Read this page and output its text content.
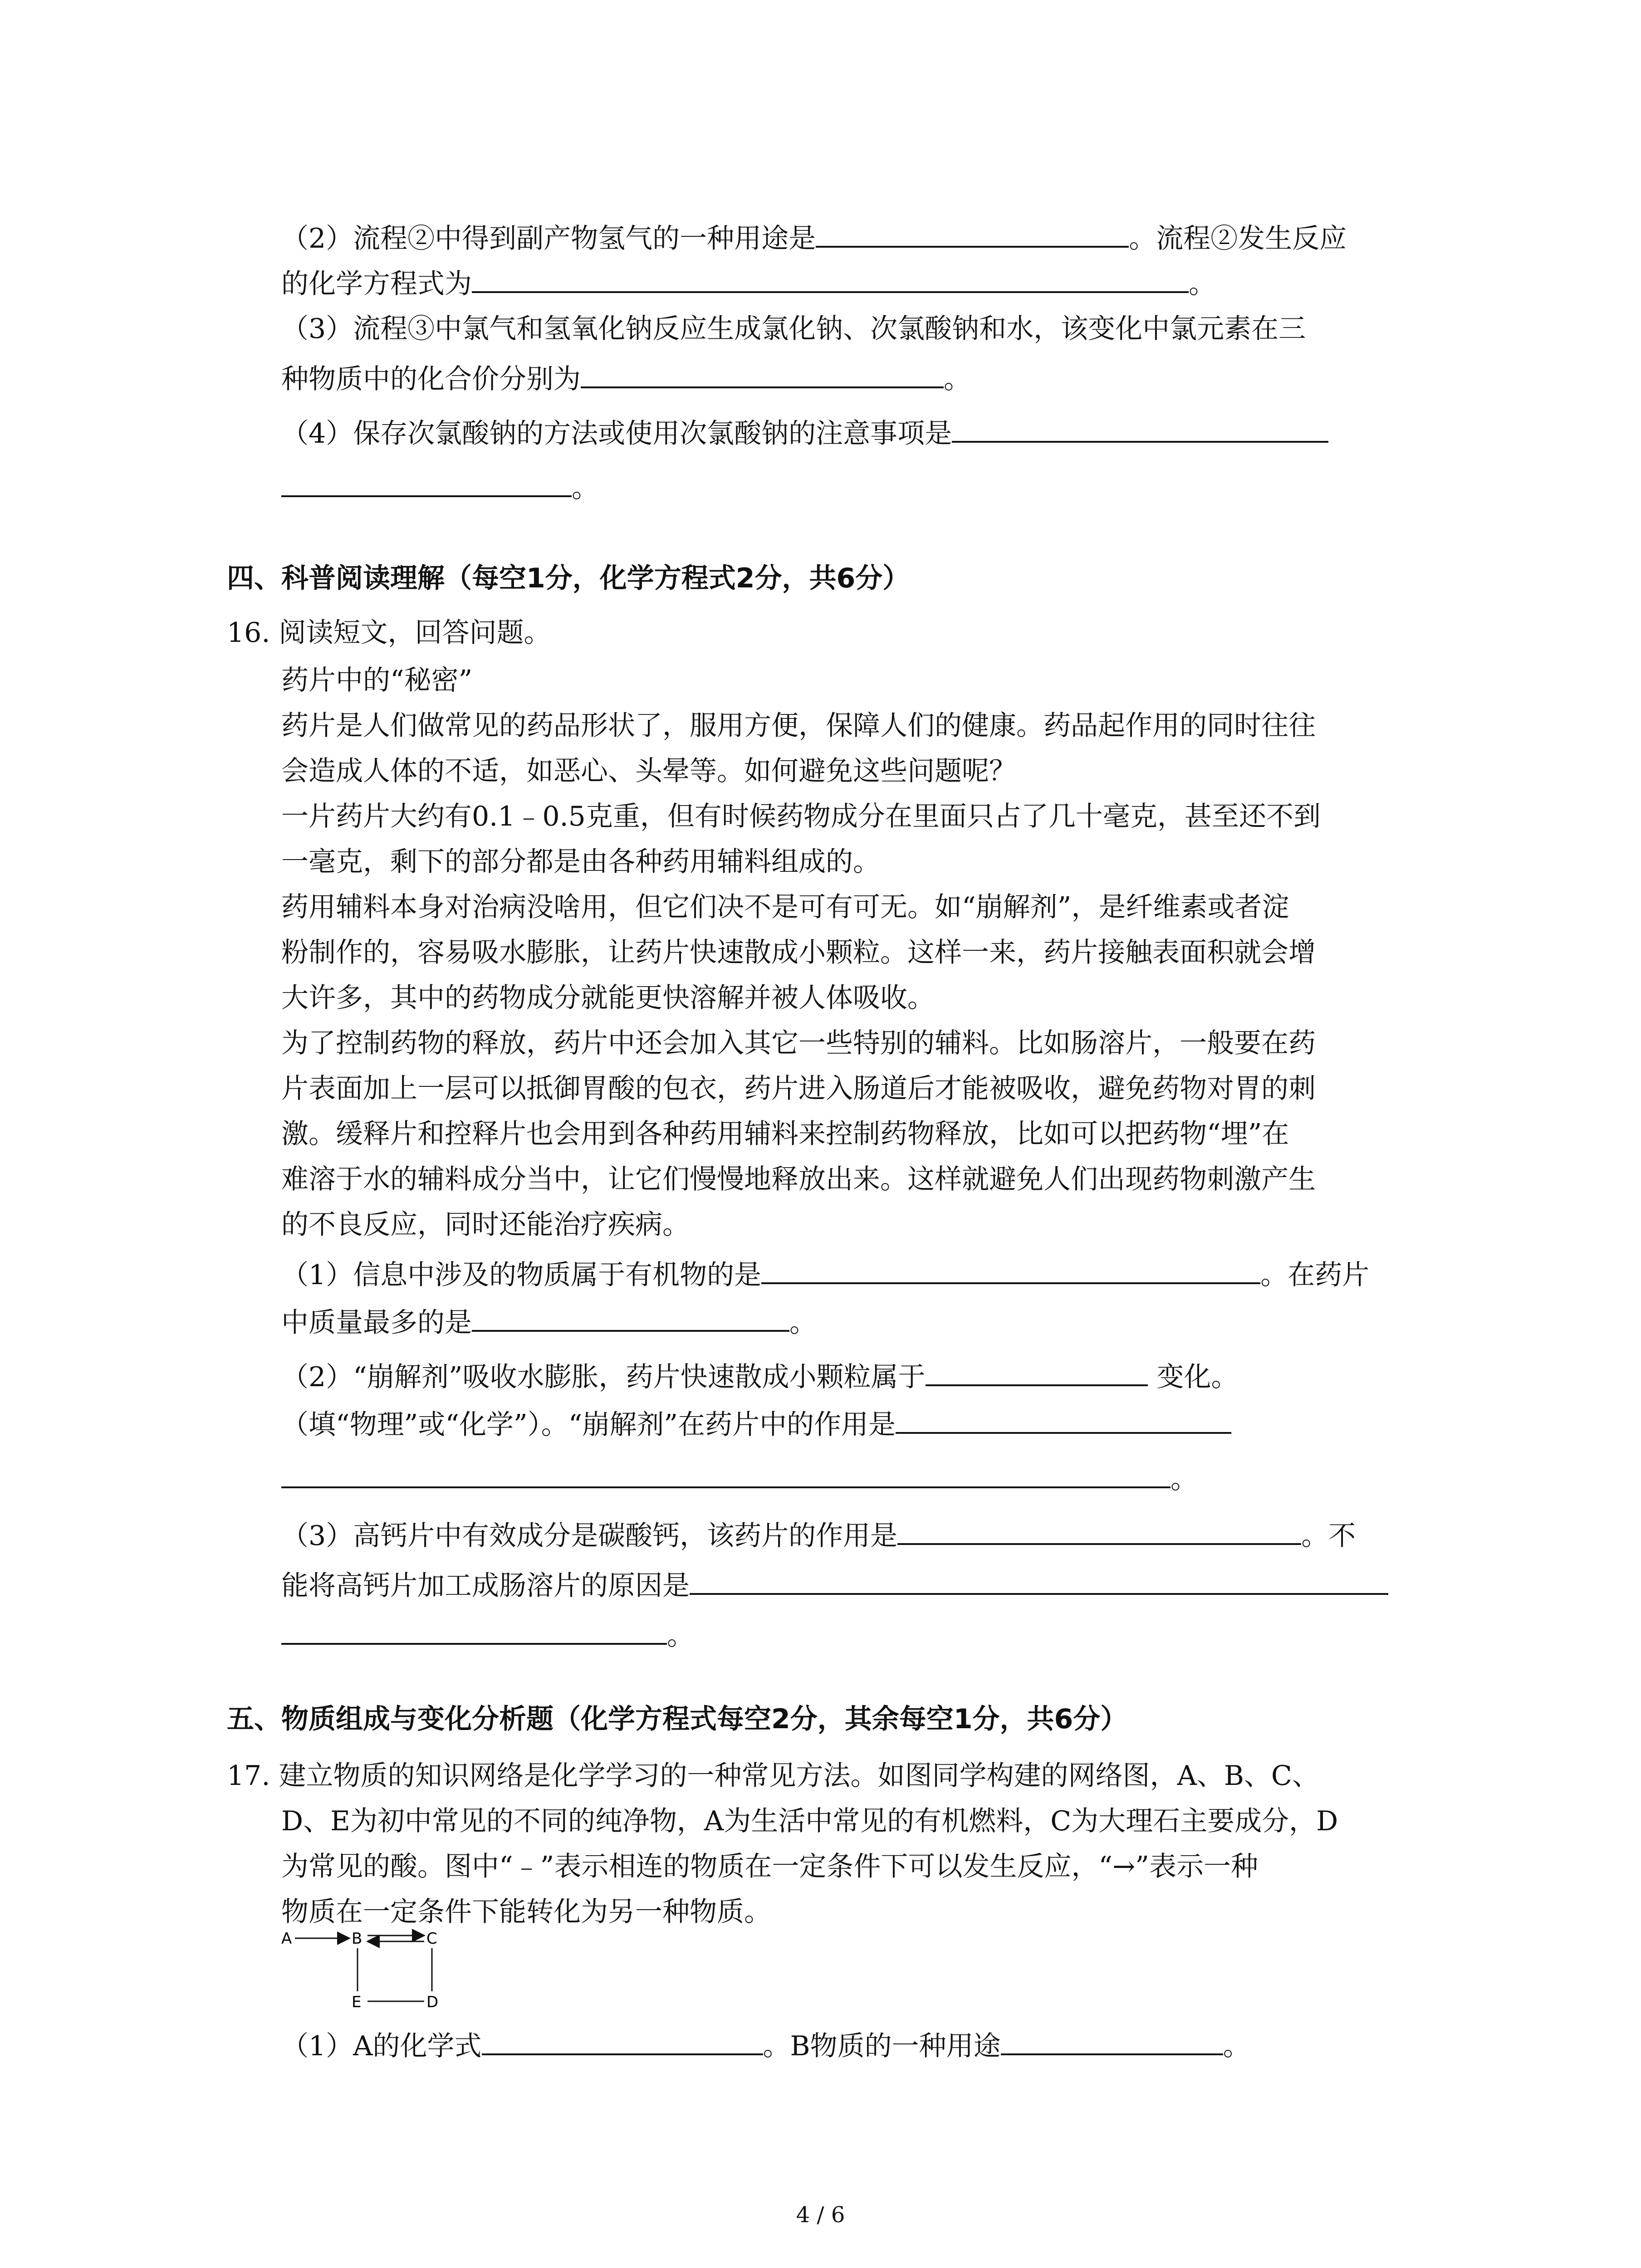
（2）流程②中得到副产物氢气的一种用途是	。流程②发生反应
的化学方程式为	。
（3）流程③中氯气和氢氧化钠反应生成氯化钠、次氯酸钠和水，该变化中氯元素在三
种物质中的化合价分别为	。
（4）保存次氯酸钠的方法或使用次氯酸钠的注意事项是
。
四、科普阅读理解（每空1分，化学方程式2分，共6分）
16. 阅读短文，回答问题。
药片中的“秘密”
药片是人们做常见的药品形状了，服用方便，保障人们的健康。药品起作用的同时往往
会造成人体的不适，如恶心、头晕等。如何避免这些问题呢？
一片药片大约有0.1﹣0.5克重，但有时候药物成分在里面只占了几十毫克，甚至还不到
一毫克，剩下的部分都是由各种药用辅料组成的。
药用辅料本身对治病没啥用，但它们决不是可有可无。如“崩解剂”，是纤维素或者淀
粉制作的，容易吸水膨胀，让药片快速散成小颗粒。这样一来，药片接触表面积就会增
大许多，其中的药物成分就能更快溶解并被人体吸收。
为了控制药物的释放，药片中还会加入其它一些特别的辅料。比如肠溶片，一般要在药
片表面加上一层可以抵御胃酸的包衣，药片进入肠道后才能被吸收，避免药物对胃的刺
激。缓释片和控释片也会用到各种药用辅料来控制药物释放，比如可以把药物“埋”在
难溶于水的辅料成分当中，让它们慢慢地释放出来。这样就避免人们出现药物刺激产生
的不良反应，同时还能治疗疾病。
（1）信息中涉及的物质属于有机物的是	。在药片
中质量最多的是	。
（2）“崩解剂”吸收水膨胀，药片快速散成小颗粒属于	变化。
（填“物理”或“化学”）。“崩解剂”在药片中的作用是
。
（3）高钙片中有效成分是碳酸钙，该药片的作用是	。不
能将高钙片加工成肠溶片的原因是
。
五、物质组成与变化分析题（化学方程式每空2分，其余每空1分，共6分）
17. 建立物质的知识网络是化学学习的一种常见方法。如图同学构建的网络图，A、B、C、
D、E为初中常见的不同的纯净物，A为生活中常见的有机燃料，C为大理石主要成分，D
为常见的酸。图中“﹣”表示相连的物质在一定条件下可以发生反应，“→”表示一种
物质在一定条件下能转化为另一种物质。
A	B	C
E	D
（1）A的化学式	。B物质的一种用途	。
4 / 6
